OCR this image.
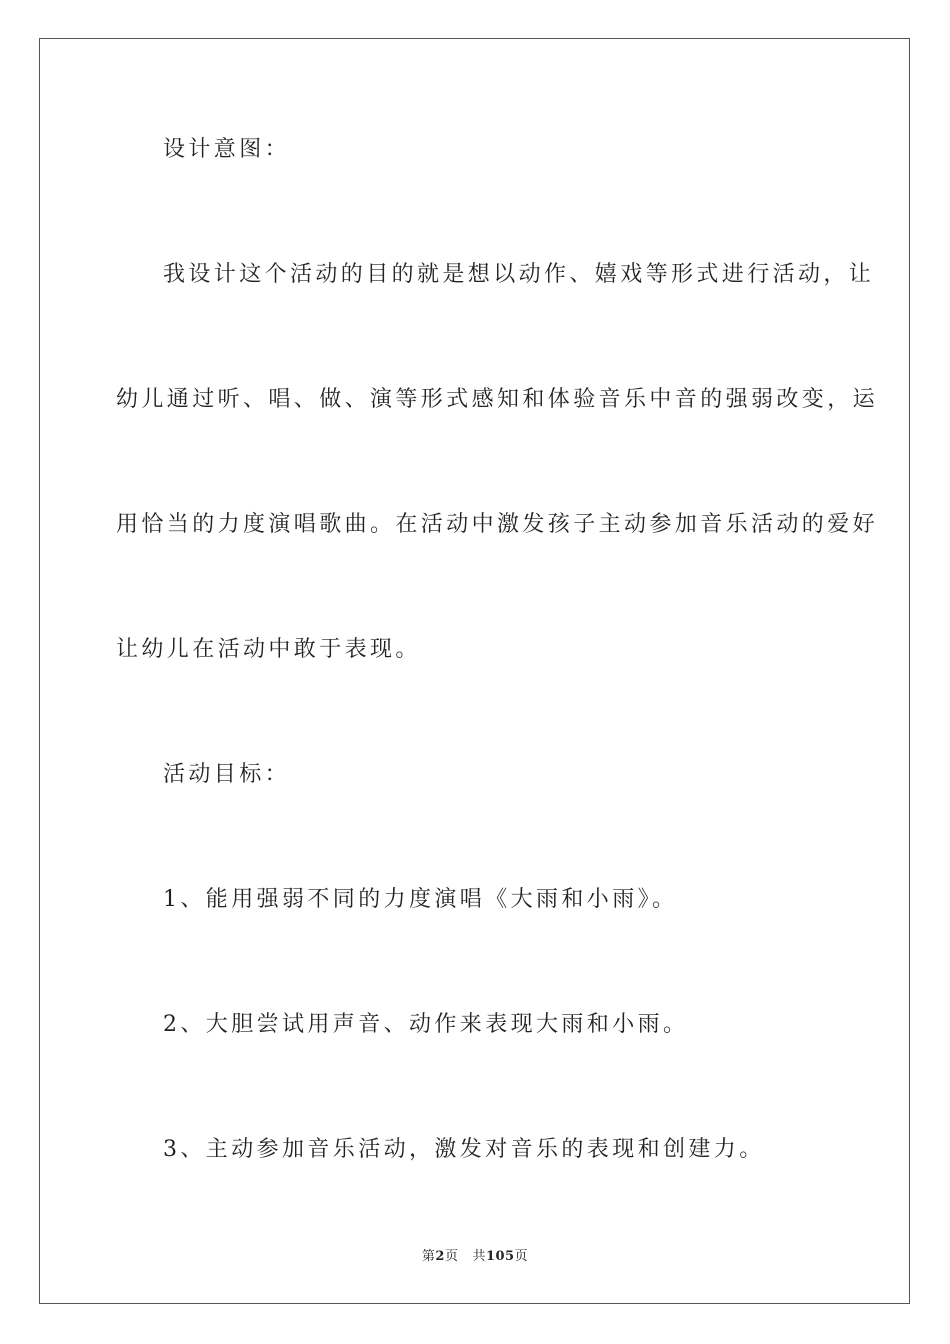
设计意图：
我设计这个活动的目的就是想以动作、嬉戏等形式进行活动，让
幼儿通过听、唱、做、演等形式感知和体验音乐中音的强弱改变，运
用恰当的力度演唱歌曲。在活动中激发孩子主动参加音乐活动的爱好
让幼儿在活动中敢于表现。
活动目标：
1、能用强弱不同的力度演唱《大雨和小雨》。
2、大胆尝试用声音、动作来表现大雨和小雨。
3、主动参加音乐活动，激发对音乐的表现和创建力。
第2页 共105页
